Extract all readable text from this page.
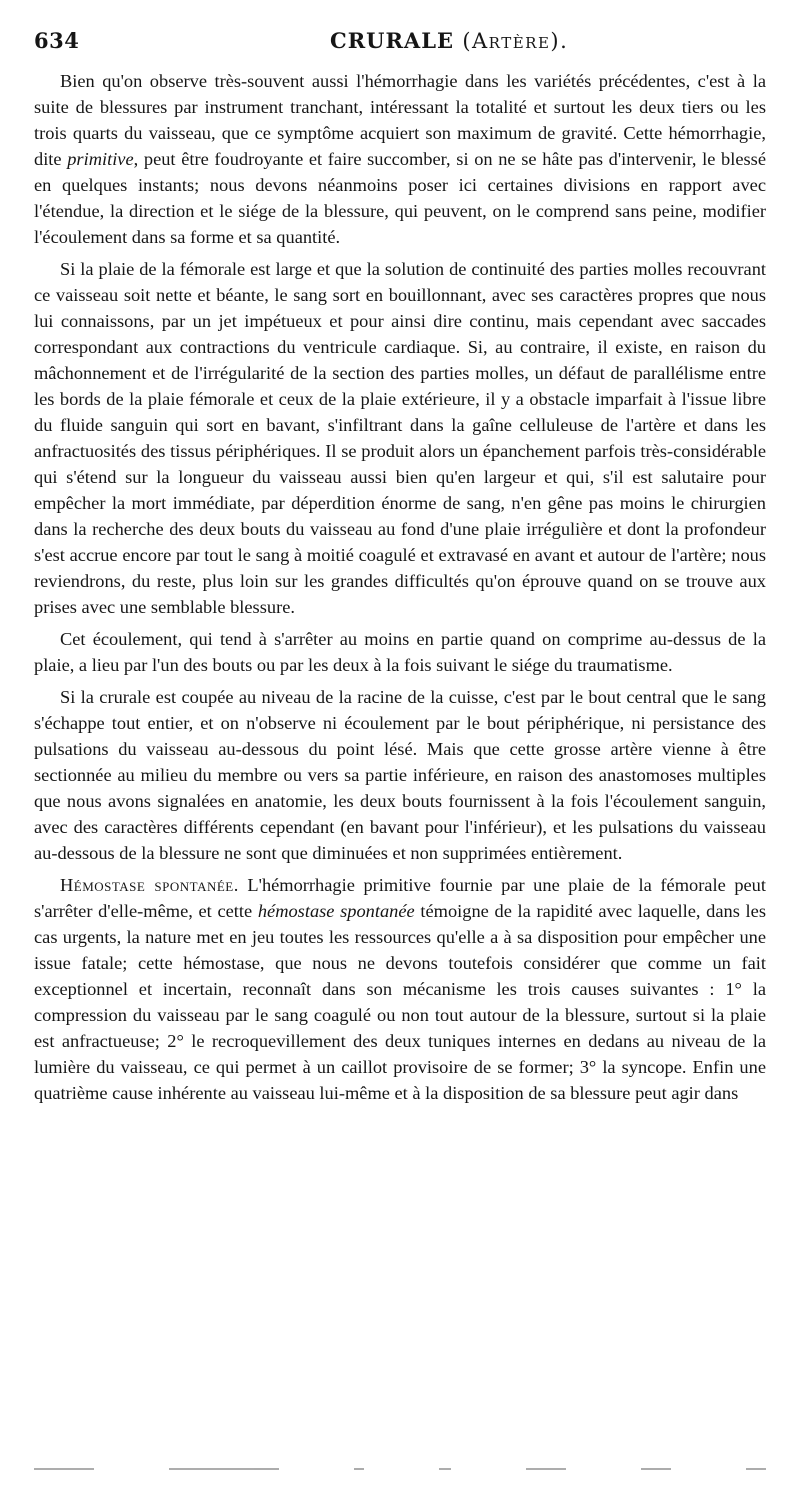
634	CRURALE (Artère).

Bien qu'on observe très-souvent aussi l'hémorrhagie dans les variétés précédentes, c'est à la suite de blessures par instrument tranchant, intéressant la totalité et surtout les deux tiers ou les trois quarts du vaisseau, que ce symptôme acquiert son maximum de gravité. Cette hémorrhagie, dite primitive, peut être foudroyante et faire succomber, si on ne se hâte pas d'intervenir, le blessé en quelques instants; nous devons néanmoins poser ici certaines divisions en rapport avec l'étendue, la direction et le siége de la blessure, qui peuvent, on le comprend sans peine, modifier l'écoulement dans sa forme et sa quantité.

Si la plaie de la fémorale est large et que la solution de continuité des parties molles recouvrant ce vaisseau soit nette et béante, le sang sort en bouillonnant, avec ses caractères propres que nous lui connaissons, par un jet impétueux et pour ainsi dire continu, mais cependant avec saccades correspondant aux contractions du ventricule cardiaque. Si, au contraire, il existe, en raison du mâchonnement et de l'irrégularité de la section des parties molles, un défaut de parallélisme entre les bords de la plaie fémorale et ceux de la plaie extérieure, il y a obstacle imparfait à l'issue libre du fluide sanguin qui sort en bavant, s'infiltrant dans la gaîne celluleuse de l'artère et dans les anfractuosités des tissus périphériques. Il se produit alors un épanchement parfois très-considérable qui s'étend sur la longueur du vaisseau aussi bien qu'en largeur et qui, s'il est salutaire pour empêcher la mort immédiate, par déperdition énorme de sang, n'en gêne pas moins le chirurgien dans la recherche des deux bouts du vaisseau au fond d'une plaie irrégulière et dont la profondeur s'est accrue encore par tout le sang à moitié coagulé et extravasé en avant et autour de l'artère; nous reviendrons, du reste, plus loin sur les grandes difficultés qu'on éprouve quand on se trouve aux prises avec une semblable blessure.

Cet écoulement, qui tend à s'arrêter au moins en partie quand on comprime au-dessus de la plaie, a lieu par l'un des bouts ou par les deux à la fois suivant le siége du traumatisme.

Si la crurale est coupée au niveau de la racine de la cuisse, c'est par le bout central que le sang s'échappe tout entier, et on n'observe ni écoulement par le bout périphérique, ni persistance des pulsations du vaisseau au-dessous du point lésé. Mais que cette grosse artère vienne à être sectionnée au milieu du membre ou vers sa partie inférieure, en raison des anastomoses multiples que nous avons signalées en anatomie, les deux bouts fournissent à la fois l'écoulement sanguin, avec des caractères différents cependant (en bavant pour l'inférieur), et les pulsations du vaisseau au-dessous de la blessure ne sont que diminuées et non supprimées entièrement.

Hémostase spontanée. L'hémorrhagie primitive fournie par une plaie de la fémorale peut s'arrêter d'elle-même, et cette hémostase spontanée témoigne de la rapidité avec laquelle, dans les cas urgents, la nature met en jeu toutes les ressources qu'elle a à sa disposition pour empêcher une issue fatale; cette hémostase, que nous ne devons toutefois considérer que comme un fait exceptionnel et incertain, reconnaît dans son mécanisme les trois causes suivantes : 1° la compression du vaisseau par le sang coagulé ou non tout autour de la blessure, surtout si la plaie est anfractueuse; 2° le recroquevillement des deux tuniques internes en dedans au niveau de la lumière du vaisseau, ce qui permet à un caillot provisoire de se former; 3° la syncope. Enfin une quatrième cause inhérente au vaisseau lui-même et à la disposition de sa blessure peut agir dans
